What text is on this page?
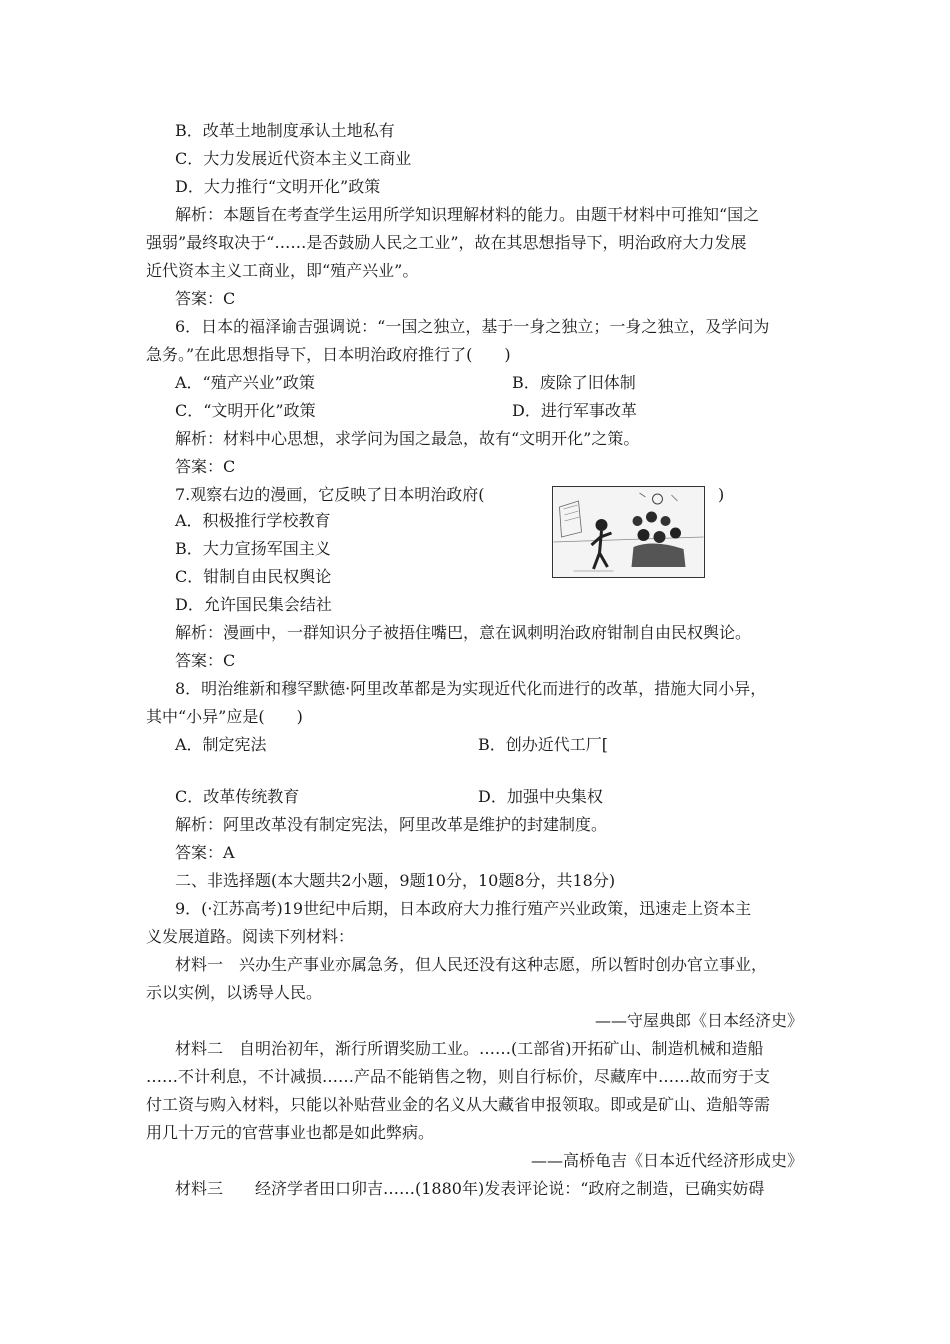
B．改革土地制度承认土地私有
C．大力发展近代资本主义工商业
D．大力推行“文明开化”政策
解析：本题旨在考查学生运用所学知识理解材料的能力。由题干材料中可推知“国之
强弱”最终取决于“……是否鼓励人民之工业”，故在其思想指导下，明治政府大力发展
近代资本主义工商业，即“殖产兴业”。
答案：C
6．日本的福泽谕吉强调说：“一国之独立，基于一身之独立；一身之独立，及学问为
急务。”在此思想指导下，日本明治政府推行了(　　)
A．“殖产兴业”政策	B．废除了旧体制
C．“文明开化”政策	D．进行军事改革
解析：材料中心思想，求学问为国之最急，故有“文明开化”之策。
答案：C
7.观察右边的漫画，它反映了日本明治政府(	)
A．积极推行学校教育
B．大力宣扬军国主义
C．钳制自由民权舆论
D．允许国民集会结社
解析：漫画中，一群知识分子被捂住嘴巴，意在讽刺明治政府钳制自由民权舆论。
答案：C
8．明治维新和穆罕默德·阿里改革都是为实现近代化而进行的改革，措施大同小异，
其中“小异”应是(　　)
A．制定宪法	B．创办近代工厂[
C．改革传统教育	D．加强中央集权
解析：阿里改革没有制定宪法，阿里改革是维护的封建制度。
答案：A
二、非选择题(本大题共2小题，9题10分，10题8分，共18分)
9．(·江苏高考)19世纪中后期，日本政府大力推行殖产兴业政策，迅速走上资本主
义发展道路。阅读下列材料：
材料一　兴办生产事业亦属急务，但人民还没有这种志愿，所以暂时创办官立事业，
示以实例，以诱导人民。
——守屋典郎《日本经济史》
材料二　自明治初年，渐行所谓奖励工业。……(工部省)开拓矿山、制造机械和造船
……不计利息，不计减损……产品不能销售之物，则自行标价，尽藏库中……故而穷于支
付工资与购入材料，只能以补贴营业金的名义从大藏省申报领取。即或是矿山、造船等需
用几十万元的官营事业也都是如此弊病。
——高桥龟吉《日本近代经济形成史》
材料三　　经济学者田口卯吉……(1880年)发表评论说：“政府之制造，已确实妨碍
